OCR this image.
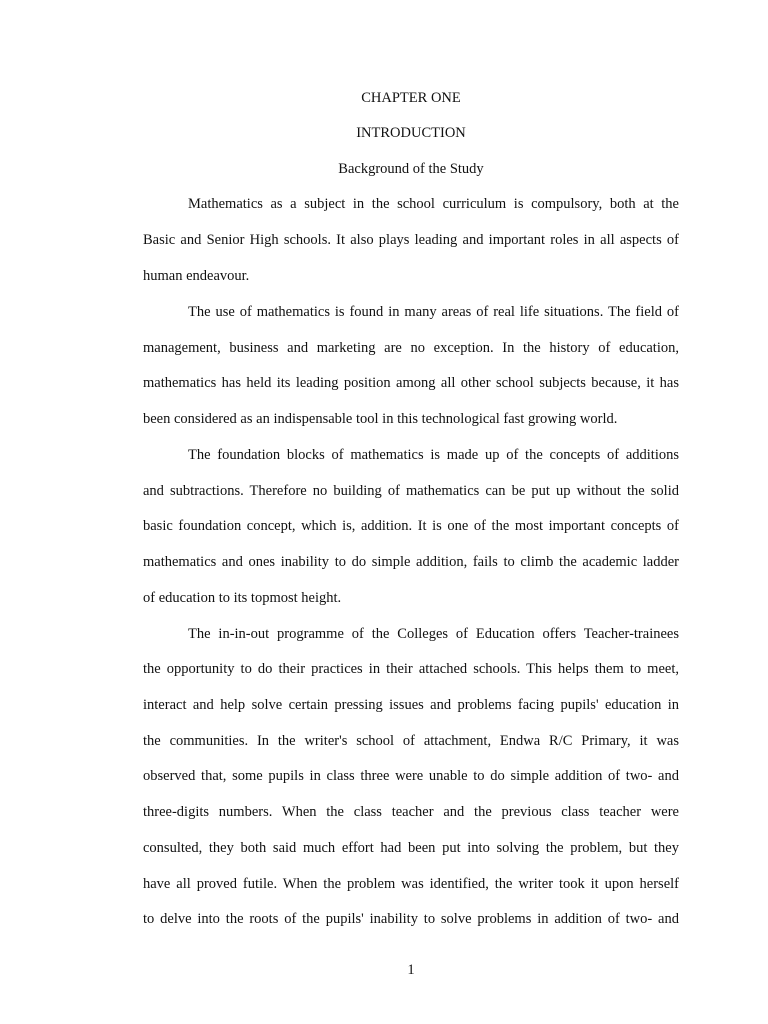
CHAPTER ONE
INTRODUCTION
Background of the Study
Mathematics as a subject in the school curriculum is compulsory, both at the
Basic and Senior High schools. It also plays leading and important roles in all aspects of
human endeavour.
The use of mathematics is found in many areas of real life situations. The field of
management, business and marketing are no exception. In the history of education,
mathematics has held its leading position among all other school subjects because, it has
been considered as an indispensable tool in this technological fast growing world.
The foundation blocks of mathematics is made up of the concepts of additions
and subtractions. Therefore no building of mathematics can be put up without the solid
basic foundation concept, which is, addition. It is one of the most important concepts of
mathematics and ones inability to do simple addition, fails to climb the academic ladder
of education to its topmost height.
The in-in-out programme of the Colleges of Education offers Teacher-trainees
the opportunity to do their practices in their attached schools. This helps them to meet,
interact and help solve certain pressing issues and problems facing pupils' education in
the communities. In the writer's school of attachment, Endwa R/C Primary, it was
observed that, some pupils in class three were unable to do simple addition of two- and
three-digits numbers. When the class teacher and the previous class teacher were
consulted, they both said much effort had been put into solving the problem, but they
have all proved futile. When the problem was identified, the writer took it upon herself
to delve into the roots of the pupils' inability to solve problems in addition of two- and
1
